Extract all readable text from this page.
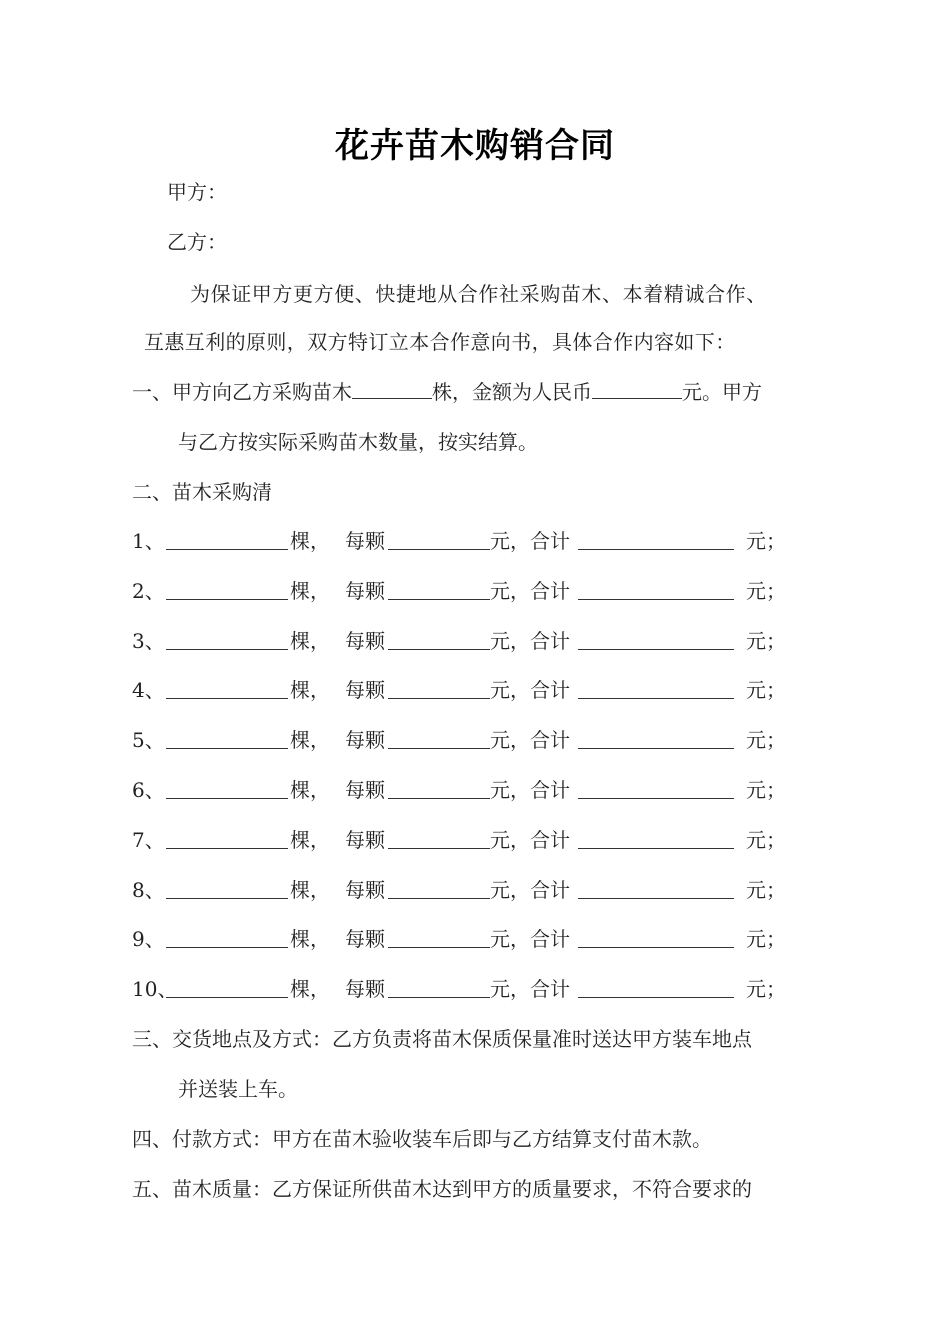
花卉苗木购销合同
甲方：
乙方：
为保证甲方更方便、快捷地从合作社采购苗木、本着精诚合作、
互惠互利的原则，双方特订立本合作意向书，具体合作内容如下：
一、甲方向乙方采购苗木	株，金额为人民币	元。甲方
与乙方按实际采购苗木数量，按实结算。
二、苗木采购清
1、	棵， 每颗	元，合计	元；
2、	棵， 每颗	元，合计	元；
3、	棵， 每颗	元，合计	元；
4、	棵， 每颗	元，合计	元；
5、	棵， 每颗	元，合计	元；
6、	棵， 每颗	元，合计	元；
7、	棵， 每颗	元，合计	元；
8、	棵， 每颗	元，合计	元；
9、	棵， 每颗	元，合计	元；
10、	棵， 每颗	元，合计	元；
三、交货地点及方式：乙方负责将苗木保质保量准时送达甲方装车地点
并送装上车。
四、付款方式：甲方在苗木验收装车后即与乙方结算支付苗木款。
五、苗木质量：乙方保证所供苗木达到甲方的质量要求，不符合要求的
